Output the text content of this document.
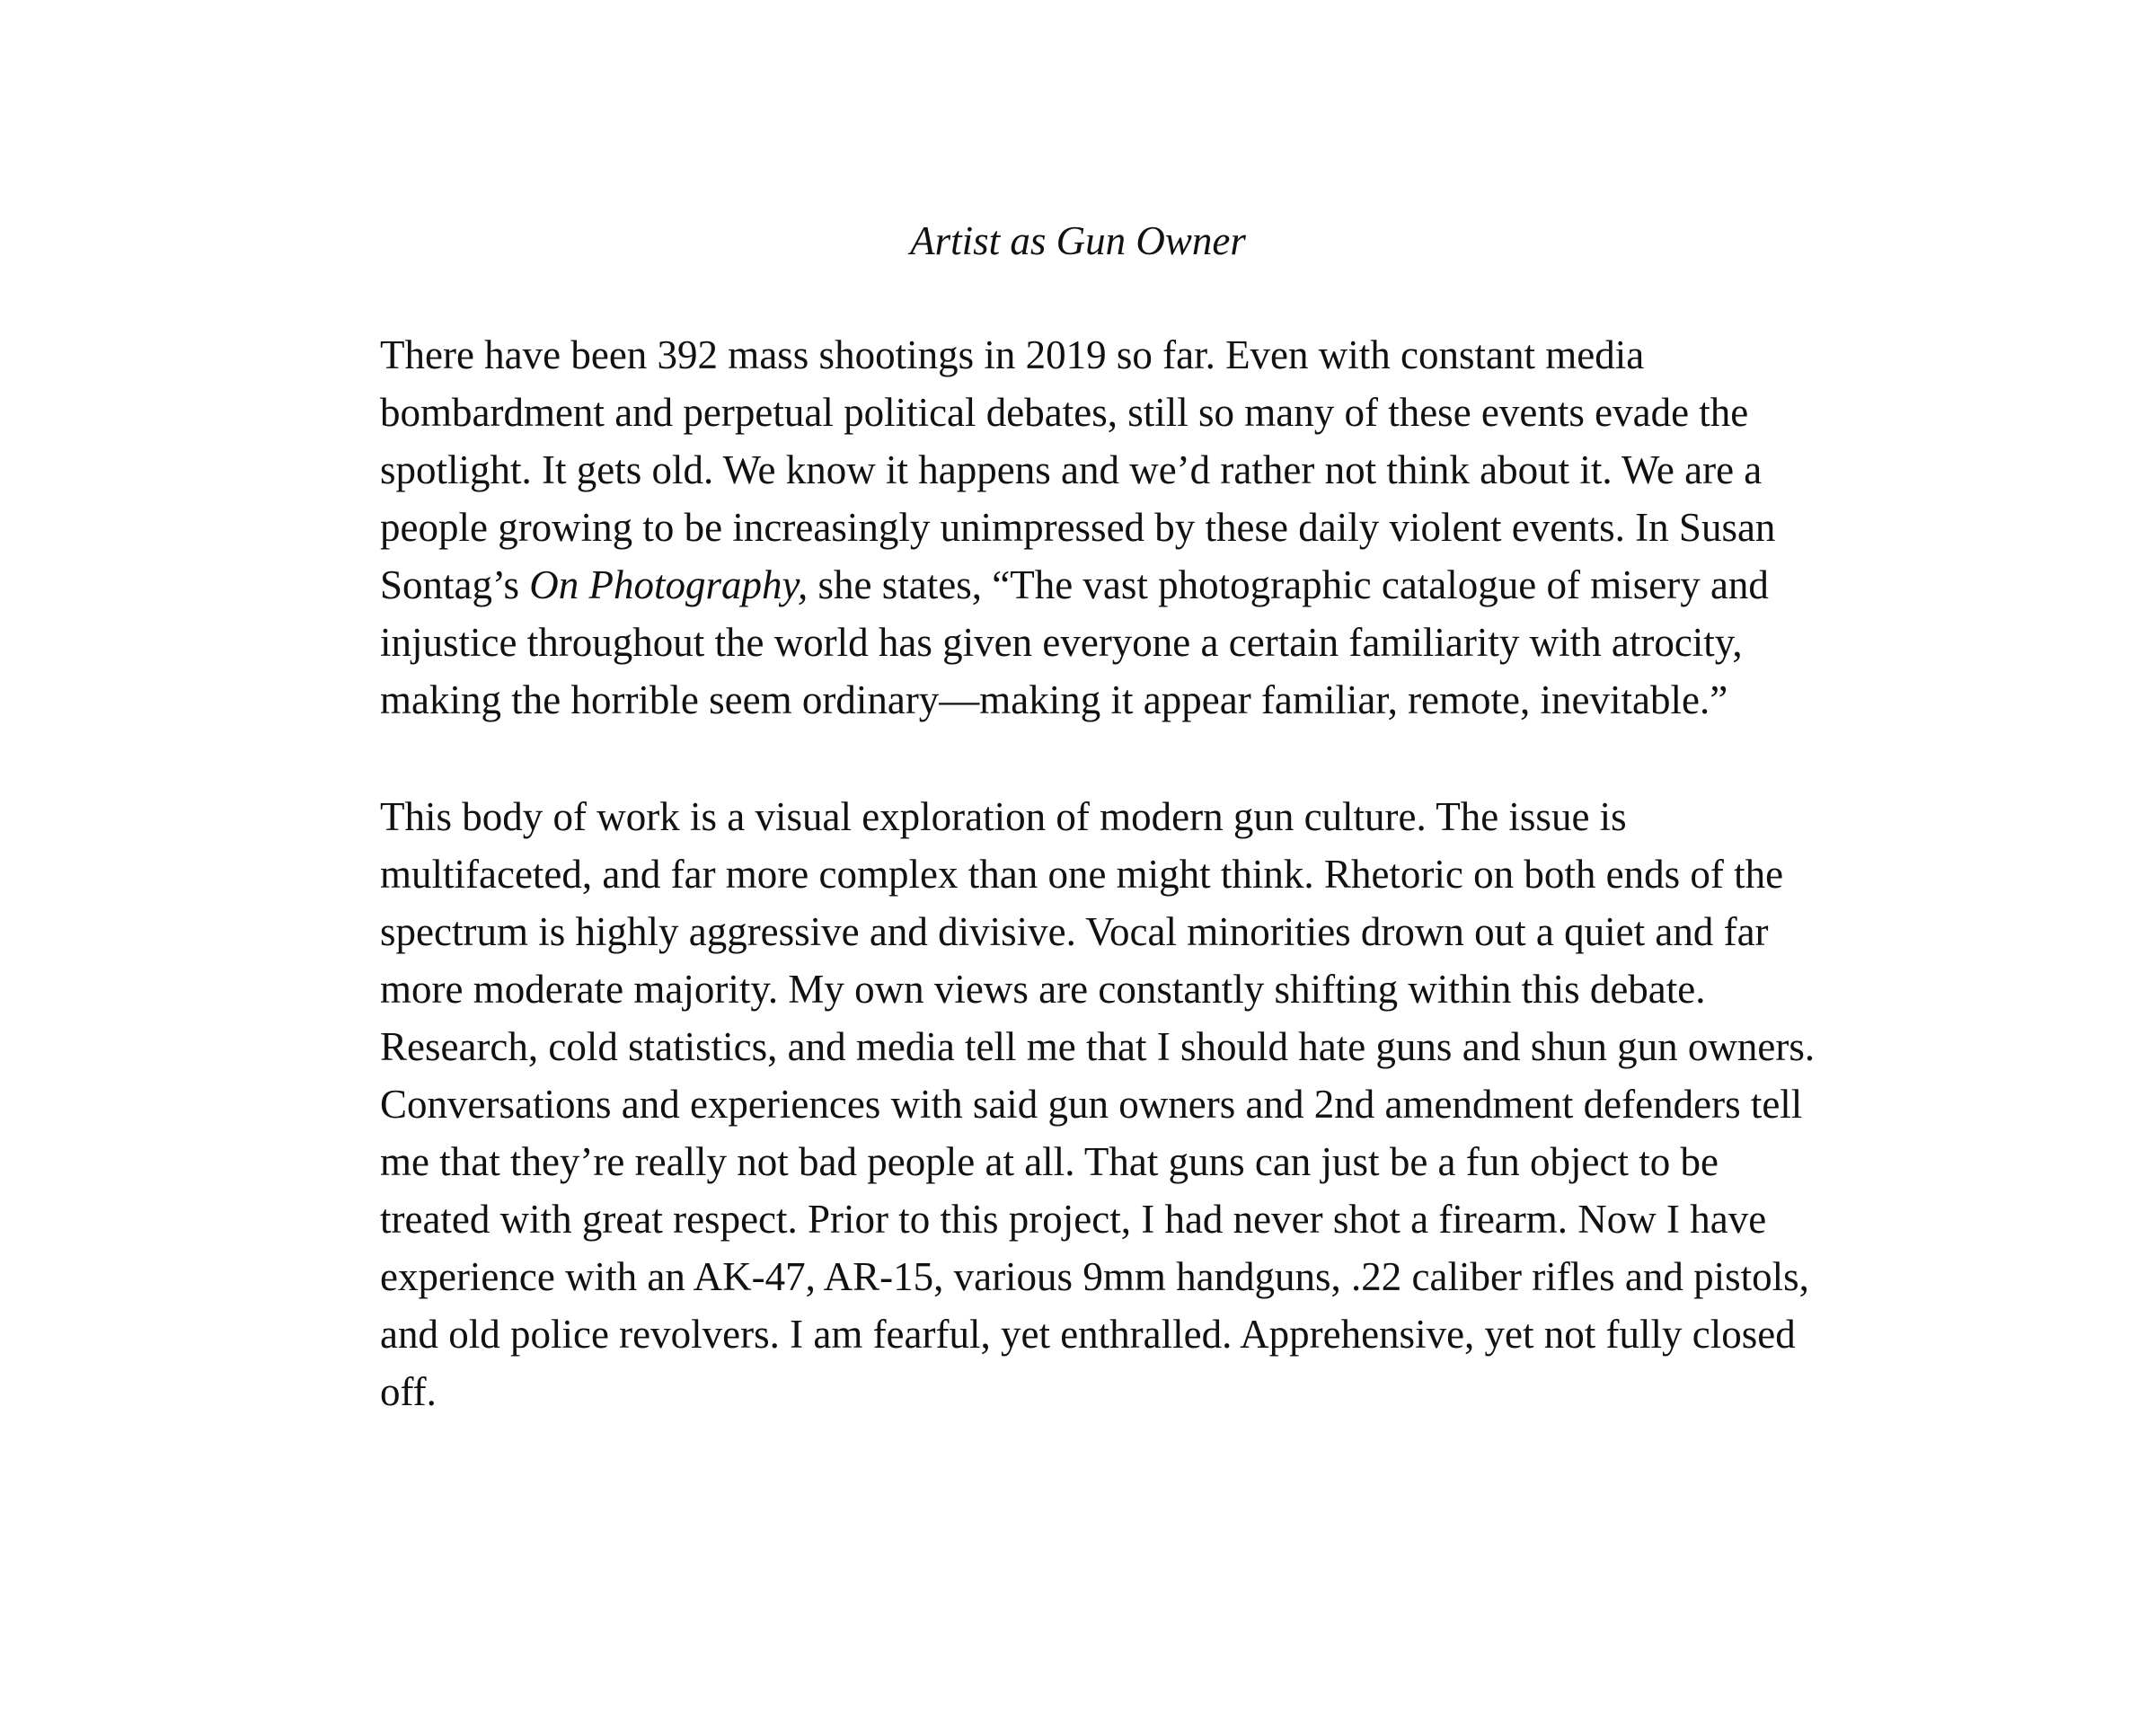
Artist as Gun Owner

There have been 392 mass shootings in 2019 so far. Even with constant media
bombardment and perpetual political debates, still so many of these events evade the
spotlight. It gets old. We know it happens and we’d rather not think about it. We are a
people growing to be increasingly unimpressed by these daily violent events. In Susan
Sontag’s On Photography, she states, “The vast photographic catalogue of misery and
injustice throughout the world has given everyone a certain familiarity with atrocity,
making the horrible seem ordinary—making it appear familiar, remote, inevitable.”

This body of work is a visual exploration of modern gun culture. The issue is
multifaceted, and far more complex than one might think. Rhetoric on both ends of the
spectrum is highly aggressive and divisive. Vocal minorities drown out a quiet and far
more moderate majority. My own views are constantly shifting within this debate.
Research, cold statistics, and media tell me that I should hate guns and shun gun owners.
Conversations and experiences with said gun owners and 2nd amendment defenders tell
me that they’re really not bad people at all. That guns can just be a fun object to be
treated with great respect. Prior to this project, I had never shot a firearm. Now I have
experience with an AK-47, AR-15, various 9mm handguns, .22 caliber rifles and pistols,
and old police revolvers. I am fearful, yet enthralled. Apprehensive, yet not fully closed
off.
